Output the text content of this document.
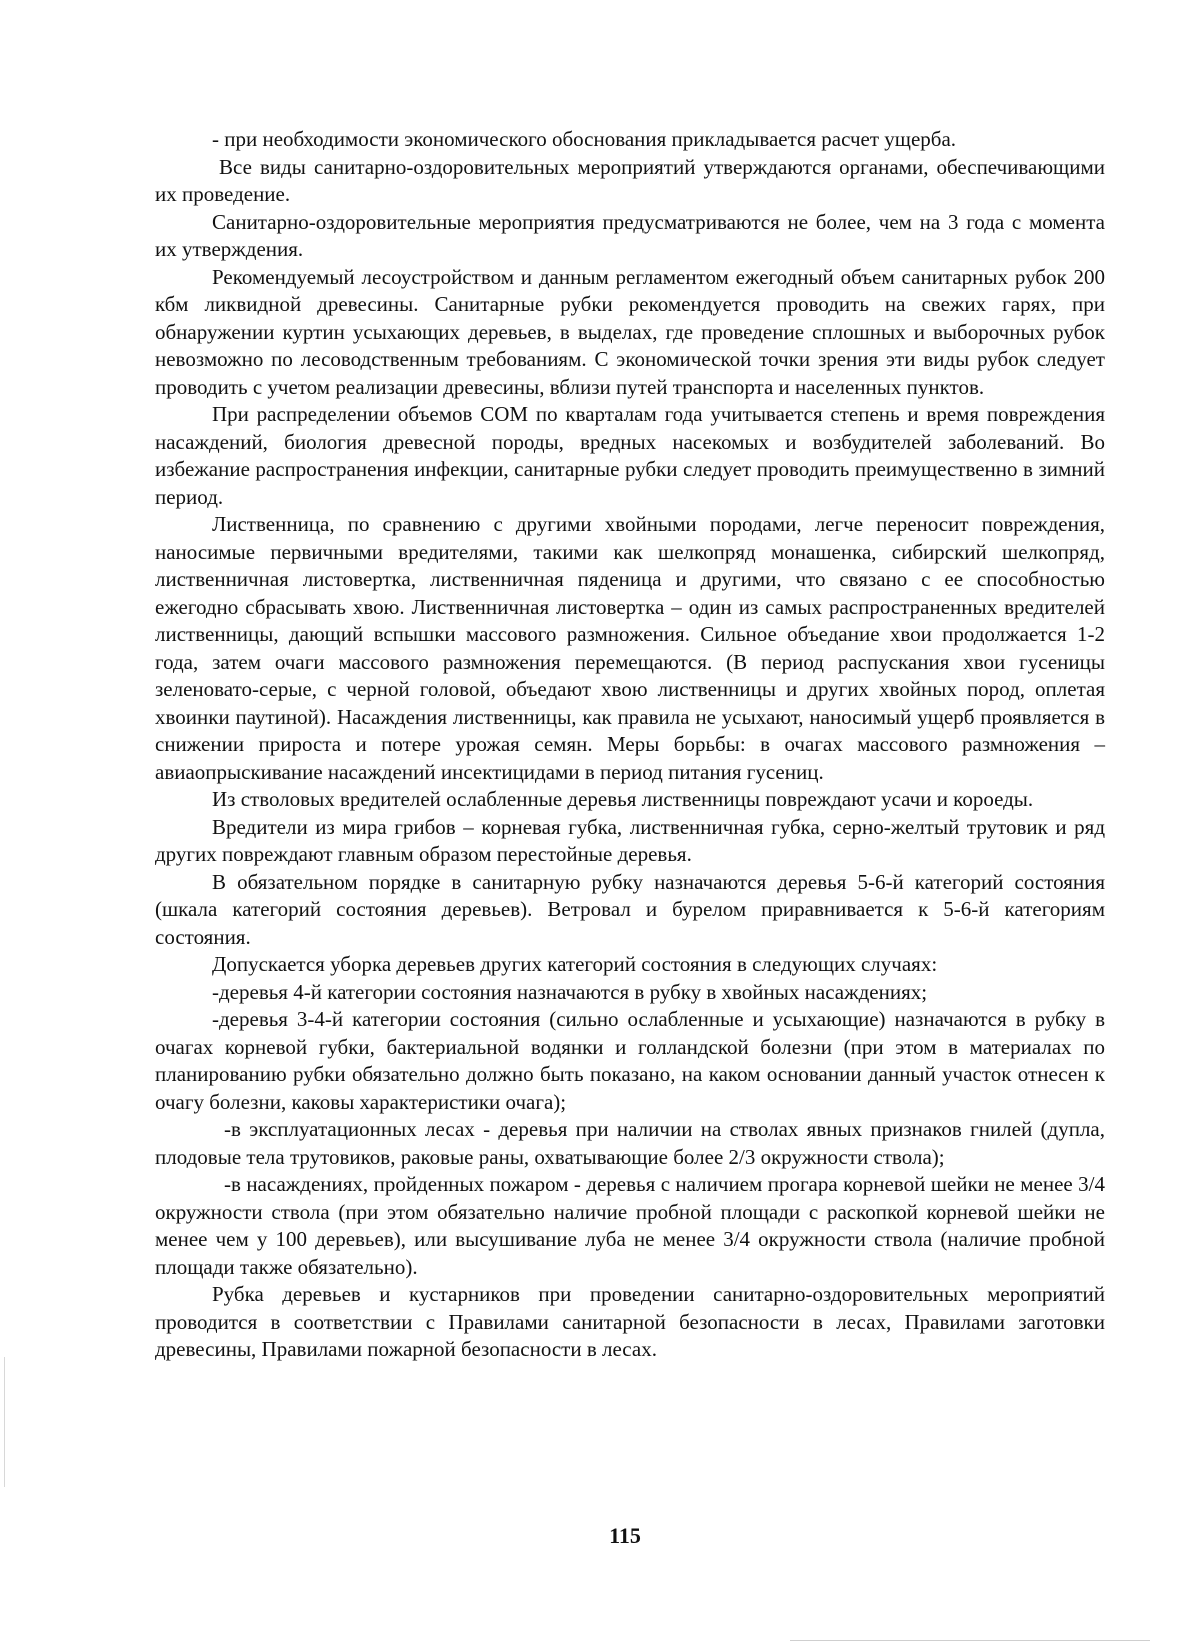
- при необходимости экономического обоснования прикладывается расчет ущерба.

Все виды санитарно-оздоровительных мероприятий утверждаются органами, обеспечивающими их проведение.

Санитарно-оздоровительные мероприятия предусматриваются не более, чем на 3 года с момента их утверждения.

Рекомендуемый лесоустройством и данным регламентом ежегодный объем санитарных рубок 200 кбм ликвидной древесины. Санитарные рубки рекомендуется проводить на свежих гарях, при обнаружении куртин усыхающих деревьев, в выделах, где проведение сплошных и выборочных рубок невозможно по лесоводственным требованиям. С экономической точки зрения эти виды рубок следует проводить с учетом реализации древесины, вблизи путей транспорта и населенных пунктов.

При распределении объемов СОМ по кварталам года учитывается степень и время повреждения насаждений, биология древесной породы, вредных насекомых и возбудителей заболеваний. Во избежание распространения инфекции, санитарные рубки следует проводить преимущественно в зимний период.

Лиственница, по сравнению с другими хвойными породами, легче переносит повреждения, наносимые первичными вредителями, такими как шелкопряд монашенка, сибирский шелкопряд, лиственничная листовертка, лиственничная пяденица и другими, что связано с ее способностью ежегодно сбрасывать хвою. Лиственничная листовертка – один из самых распространенных вредителей лиственницы, дающий вспышки массового размножения. Сильное объедание хвои продолжается 1-2 года, затем очаги массового размножения перемещаются. (В период распускания хвои гусеницы зеленовато-серые, с черной головой, объедают хвою лиственницы и других хвойных пород, оплетая хвоинки паутиной). Насаждения лиственницы, как правила не усыхают, наносимый ущерб проявляется в снижении прироста и потере урожая семян. Меры борьбы: в очагах массового размножения – авиаопрыскивание насаждений инсектицидами в период питания гусениц.

Из стволовых вредителей ослабленные деревья лиственницы повреждают усачи и короеды.

Вредители из мира грибов – корневая губка, лиственничная губка, серно-желтый трутовик и ряд других повреждают главным образом перестойные деревья.

В обязательном порядке в санитарную рубку назначаются деревья 5-6-й категорий состояния (шкала категорий состояния деревьев). Ветровал и бурелом приравнивается к 5-6-й категориям состояния.

Допускается уборка деревьев других категорий состояния в следующих случаях:

-деревья 4-й категории состояния назначаются в рубку в хвойных насаждениях;

-деревья 3-4-й категории состояния (сильно ослабленные и усыхающие) назначаются в рубку в очагах корневой губки, бактериальной водянки и голландской болезни (при этом в материалах по планированию рубки обязательно должно быть показано, на каком основании данный участок отнесен к очагу болезни, каковы характеристики очага);

-в эксплуатационных лесах - деревья при наличии на стволах явных признаков гнилей (дупла, плодовые тела трутовиков, раковые раны, охватывающие более 2/3 окружности ствола);

-в насаждениях, пройденных пожаром - деревья с наличием прогара корневой шейки не менее 3/4 окружности ствола (при этом обязательно наличие пробной площади с раскопкой корневой шейки не менее чем у 100 деревьев), или высушивание луба не менее 3/4 окружности ствола (наличие пробной площади также обязательно).

Рубка деревьев и кустарников при проведении санитарно-оздоровительных мероприятий проводится в соответствии с Правилами санитарной безопасности в лесах, Правилами заготовки древесины, Правилами пожарной безопасности в лесах.

115
